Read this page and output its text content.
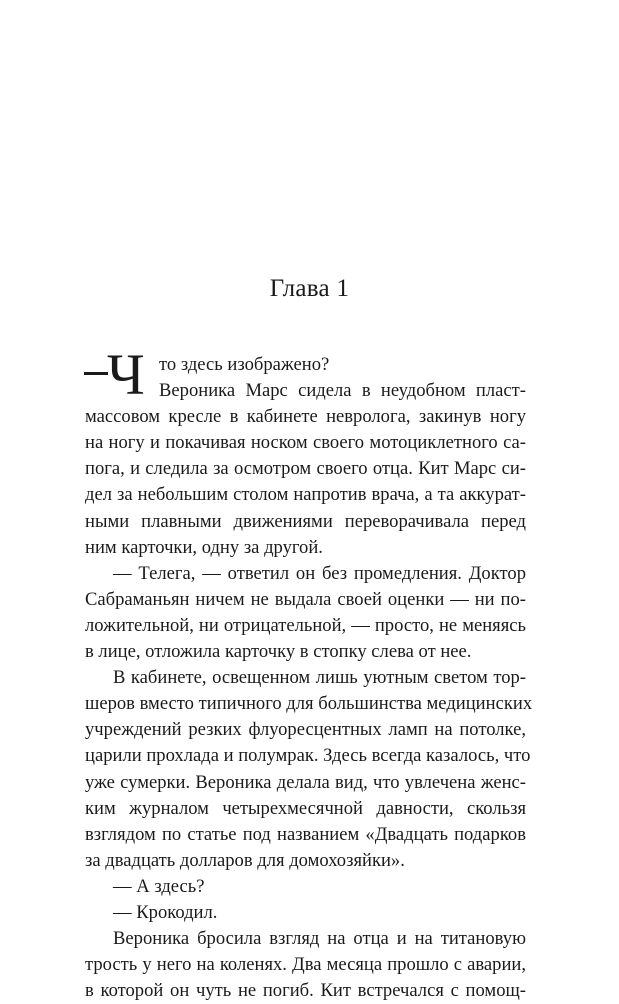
Глава 1
Ч то здесь изображено?
Вероника Марс сидела в неудобном пласт-
массовом кресле в кабинете невролога, закинув ногу
на ногу и покачивая носком своего мотоциклетного са-
пога, и следила за осмотром своего отца. Кит Марс си-
дел за небольшим столом напротив врача, а та аккурат-
ными плавными движениями переворачивала перед
ним карточки, одну за другой.
— Телега, — ответил он без промедления. Доктор
Сабраманьян ничем не выдала своей оценки — ни по-
ложительной, ни отрицательной, — просто, не меняясь
в лице, отложила карточку в стопку слева от нее.
В кабинете, освещенном лишь уютным светом тор-
шеров вместо типичного для большинства медицинских
учреждений резких флуоресцентных ламп на потолке,
царили прохлада и полумрак. Здесь всегда казалось, что
уже сумерки. Вероника делала вид, что увлечена женс-
ким журналом четырехмесячной давности, скользя
взглядом по статье под названием «Двадцать подарков
за двадцать долларов для домохозяйки».
— А здесь?
— Крокодил.
Вероника бросила взгляд на отца и на титановую
трость у него на коленях. Два месяца прошло с аварии,
в которой он чуть не погиб. Кит встречался с помощ-
